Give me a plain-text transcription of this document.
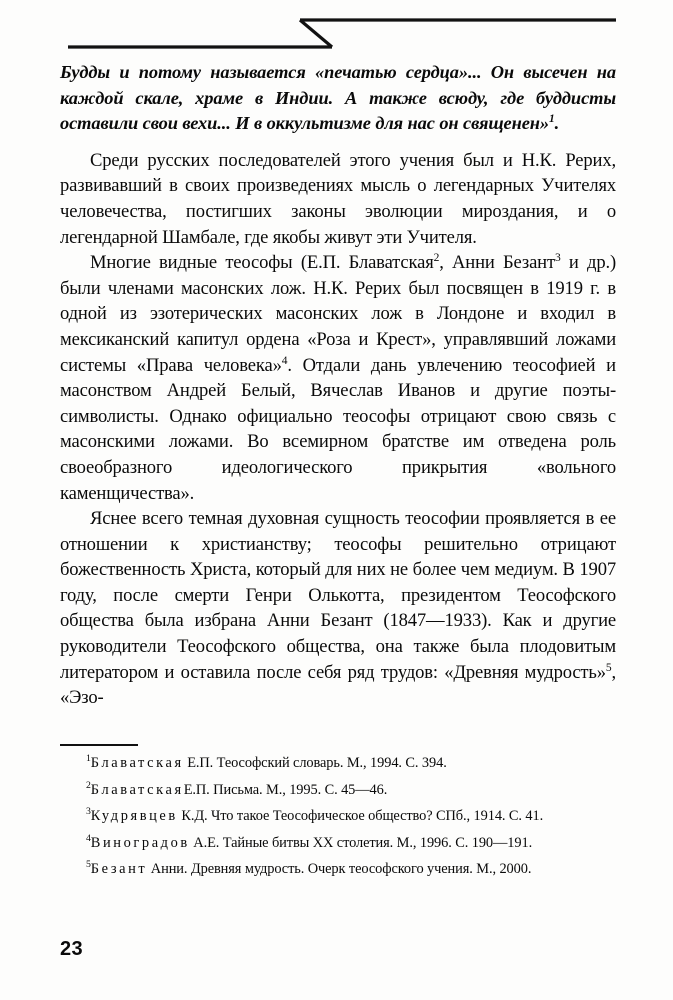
Будды и потому называется «печатью сердца»... Он высечен на каждой скале, храме в Индии. А также всюду, где буддисты оставили свои вехи... И в оккультизме для нас он священен»$^1$.

Среди русских последователей этого учения был и Н.К. Рерих, развивавший в своих произведениях мысль о легендарных Учителях человечества, постигших законы эволюции мироздания, и о легендарной Шамбале, где якобы живут эти Учителя.

Многие видные теософы (Е.П. Блаватская$^2$, Анни Безант$^3$ и др.) были членами масонских лож. Н.К. Рерих был посвящен в 1919 г. в одной из эзотерических масонских лож в Лондоне и входил в мексиканский капитул ордена «Роза и Крест», управлявший ложами системы «Права человека»$^4$. Отдали дань увлечению теософией и масонством Андрей Белый, Вячеслав Иванов и другие поэты-символисты. Однако официально теософы отрицают свою связь с масонскими ложами. Во всемирном братстве им отведена роль своеобразного идеологического прикрытия «вольного каменщичества».

Яснее всего темная духовная сущность теософии проявляется в ее отношении к христианству; теософы решительно отрицают божественность Христа, который для них не более чем медиум. В 1907 году, после смерти Генри Олькотта, президентом Теософского общества была избрана Анни Безант (1847—1933). Как и другие руководители Теософского общества, она также была плодовитым литератором и оставила после себя ряд трудов: «Древняя мудрость»$^5$, «Эзо-

$^1$Блаватская Е.П. Теософский словарь. М., 1994. С. 394.

$^2$БлаватскаяЕ.П. Письма. М., 1995. С. 45—46.

$^3$Кудрявцев К.Д. Что такое Теософическое общество? СПб., 1914. С. 41.

$^4$Виноградов А.Е. Тайные битвы XX столетия. М., 1996. С. 190—191.

$^5$Безант Анни. Древняя мудрость. Очерк теософского учения. М., 2000.

23
